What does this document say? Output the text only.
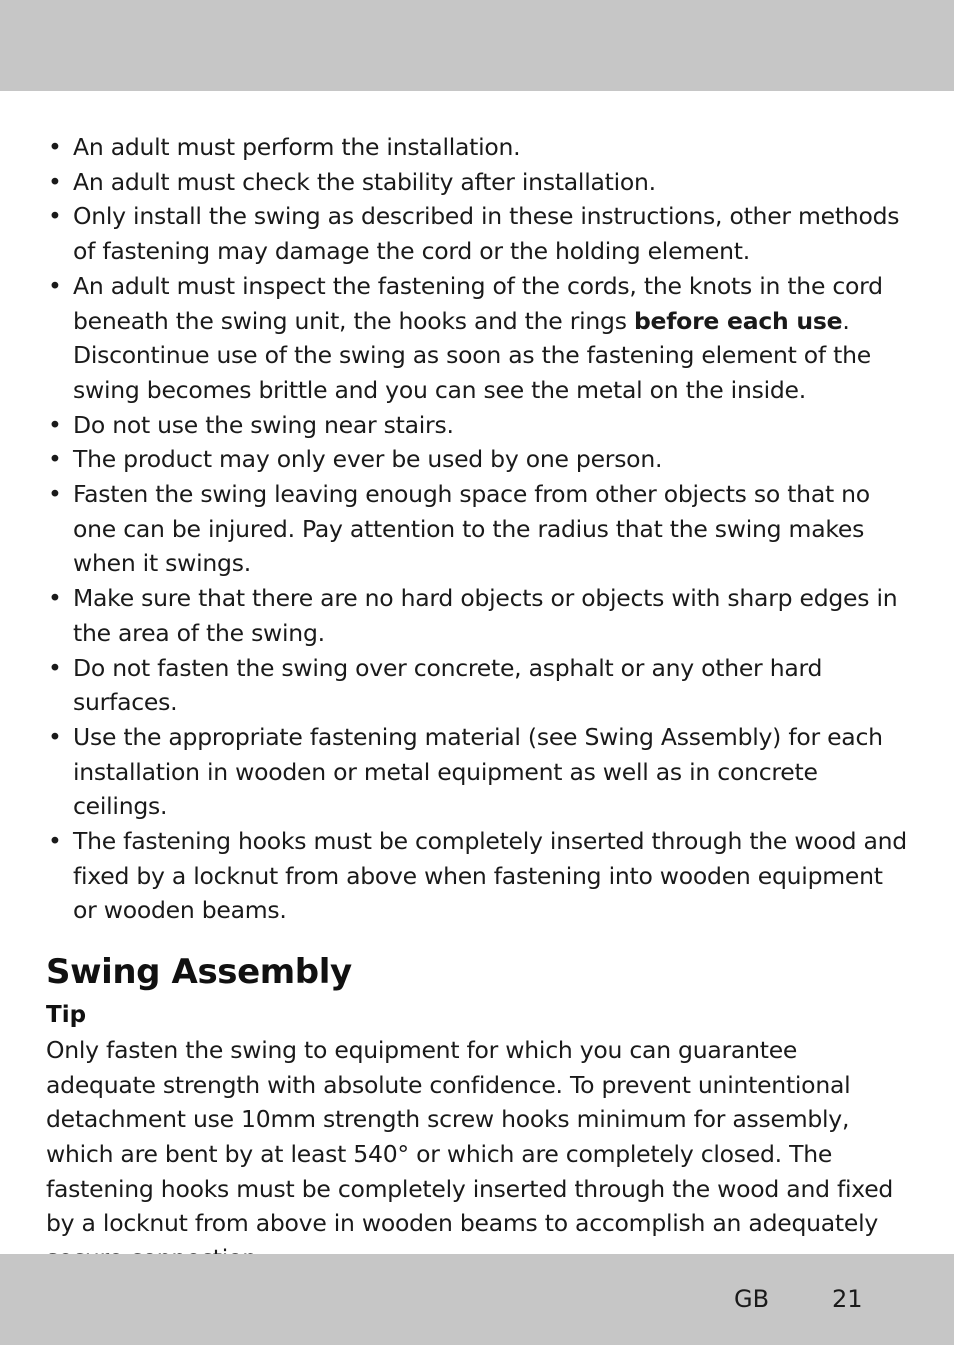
• An adult must perform the installation.
• An adult must check the stability after installation.
• Only install the swing as described in these instructions, other methods of fastening may damage the cord or the holding element.
• An adult must inspect the fastening of the cords, the knots in the cord beneath the swing unit, the hooks and the rings before each use. Discontinue use of the swing as soon as the fastening element of the swing becomes brittle and you can see the metal on the inside.
• Do not use the swing near stairs.
• The product may only ever be used by one person.
• Fasten the swing leaving enough space from other objects so that no one can be injured. Pay attention to the radius that the swing makes when it swings.
• Make sure that there are no hard objects or objects with sharp edges in the area of the swing.
• Do not fasten the swing over concrete, asphalt or any other hard surfaces.
• Use the appropriate fastening material (see Swing Assembly) for each installation in wooden or metal equipment as well as in concrete ceilings.
• The fastening hooks must be completely inserted through the wood and fixed by a locknut from above when fastening into wooden equipment or wooden beams.
Swing Assembly
Tip

Only fasten the swing to equipment for which you can guarantee adequate strength with absolute confidence. To prevent unintentional detachment use 10mm strength screw hooks minimum for assembly, which are bent by at least 540° or which are completely closed. The fastening hooks must be completely inserted through the wood and fixed by a locknut from above in wooden beams to accomplish an adequately

GB	21
